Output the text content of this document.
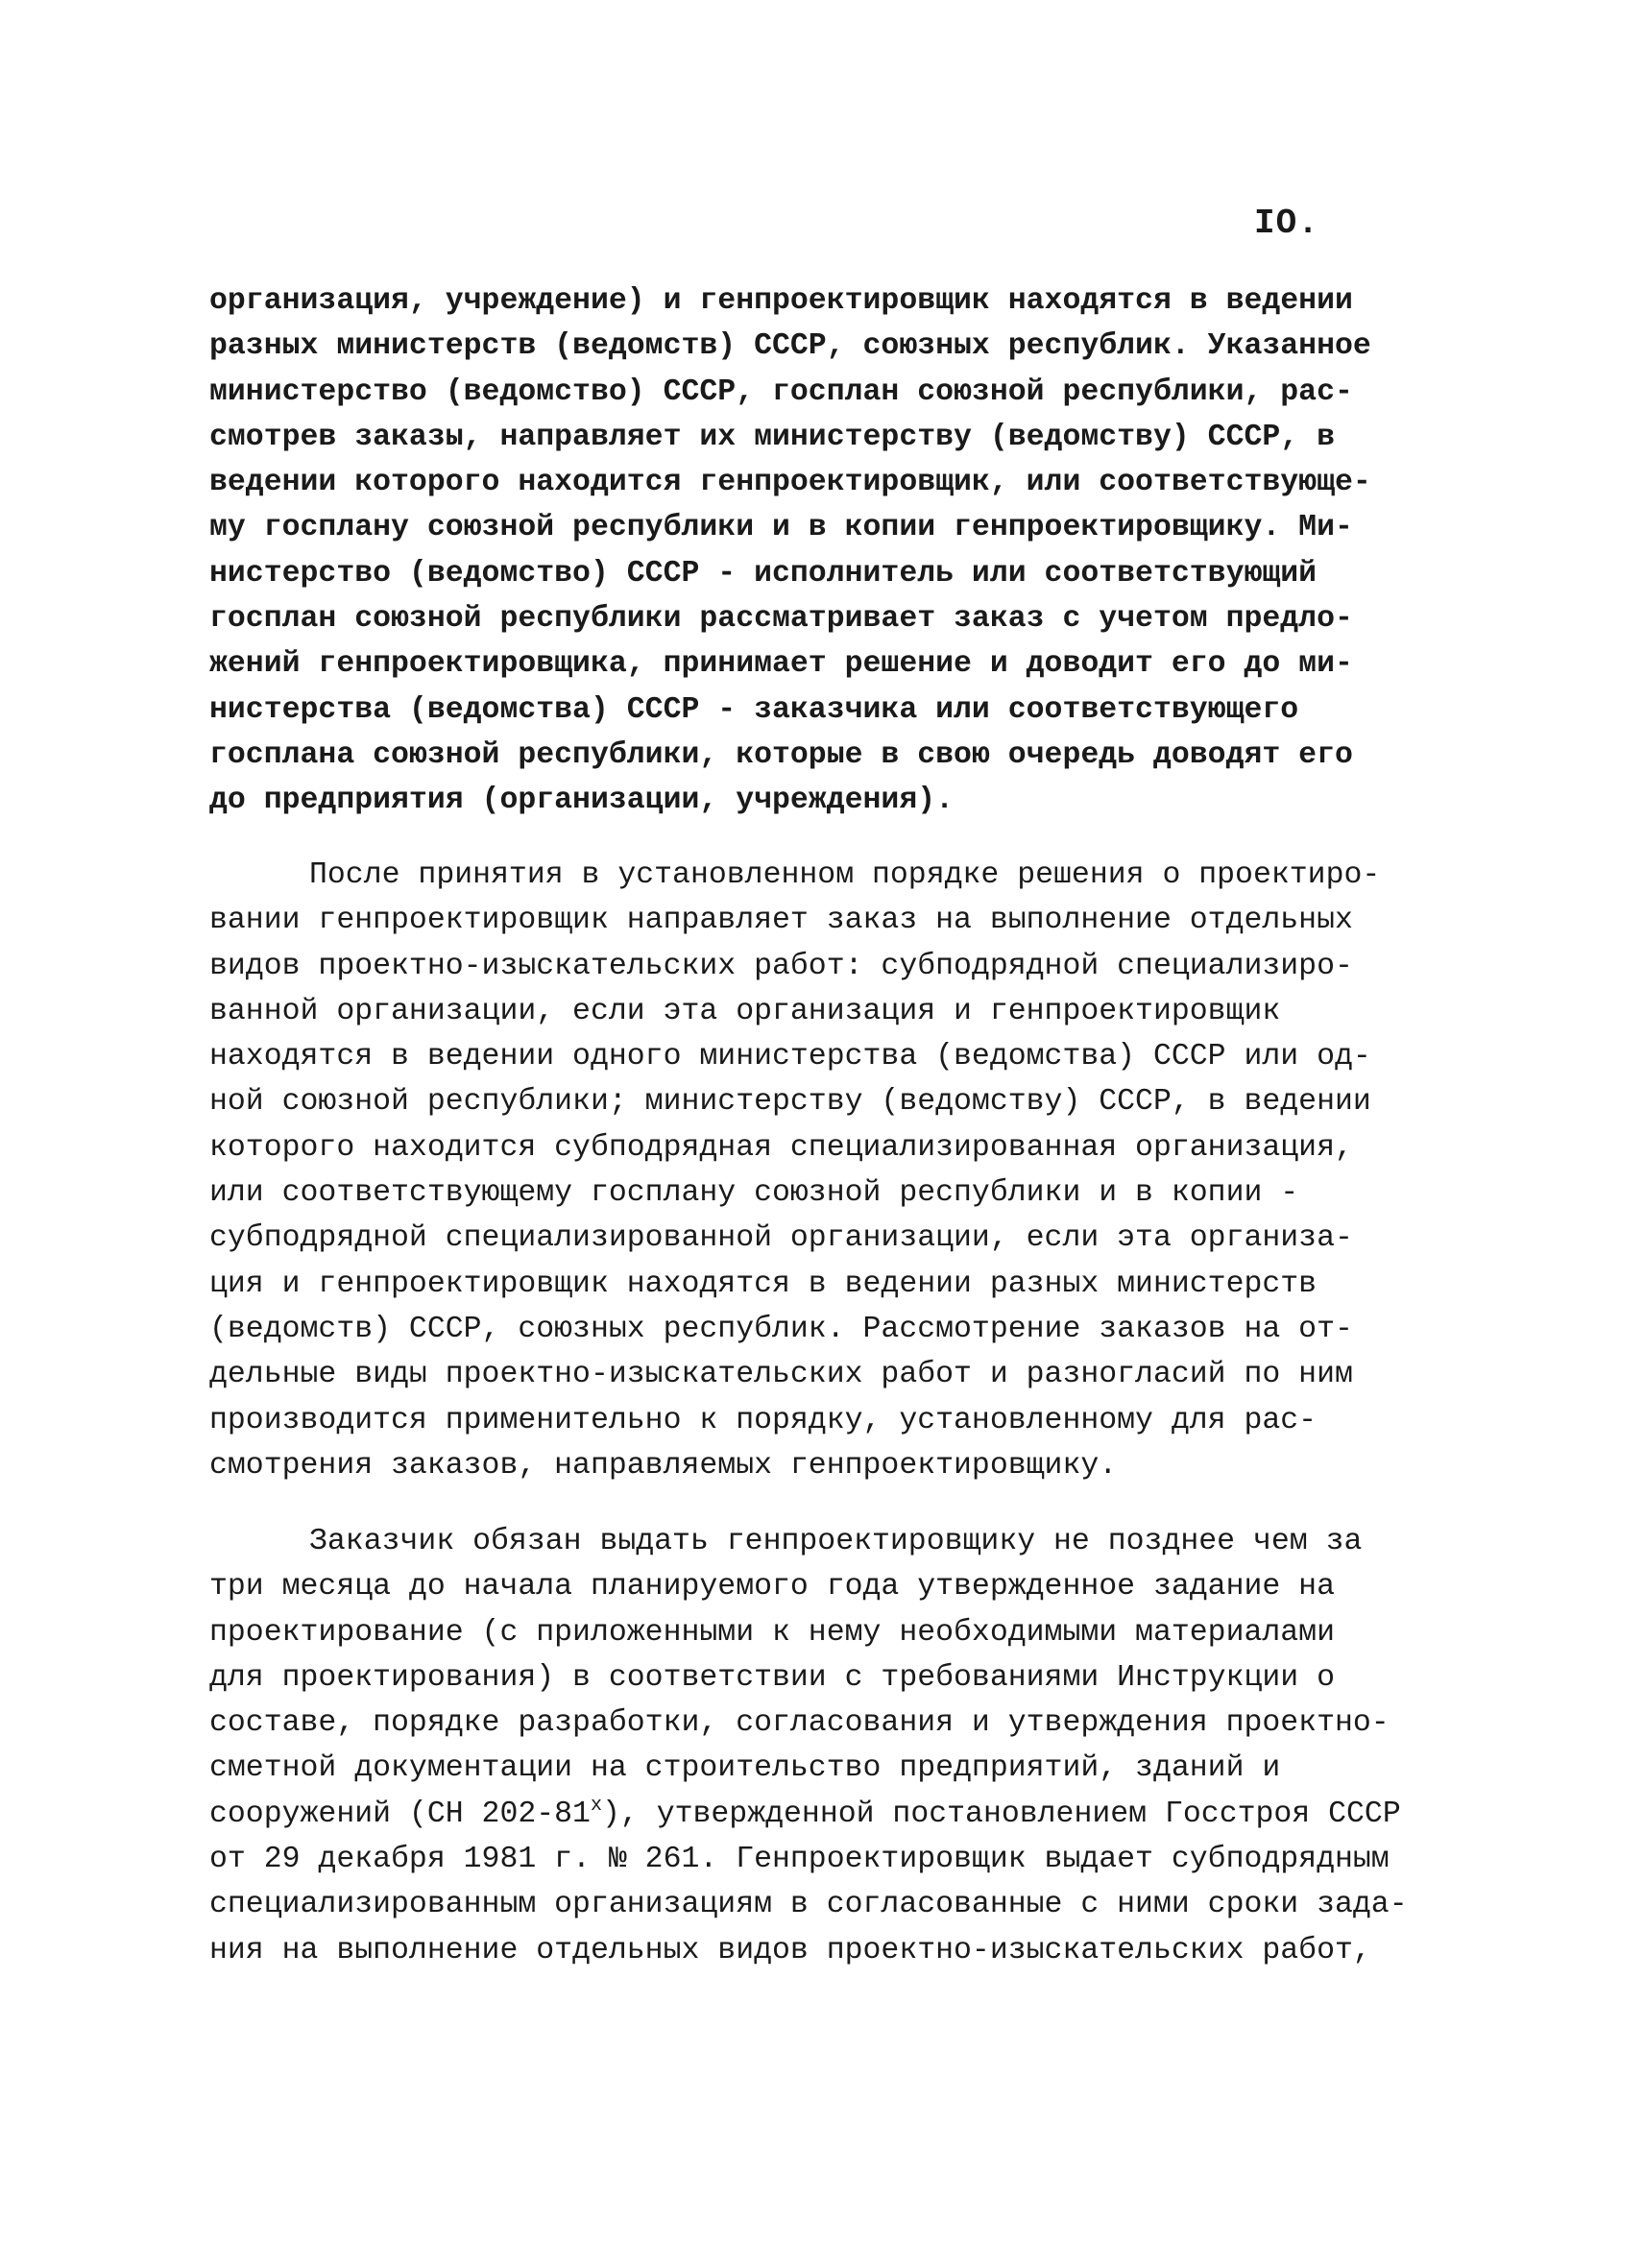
IO.
организация, учреждение) и генпроектировщик находятся в ведении
разных министерств (ведомств) СССР, союзных республик. Указанное
министерство (ведомство) СССР, госплан союзной республики, рас-
смотрев заказы, направляет их министерству (ведомству) СССР, в
ведении которого находится генпроектировщик, или соответствующе-
му госплану союзной республики и в копии генпроектировщику. Ми-
нистерство (ведомство) СССР - исполнитель или соответствующий
госплан союзной республики рассматривает заказ с учетом предло-
жений генпроектировщика, принимает решение и доводит его до ми-
нистерства (ведомства) СССР - заказчика или соответствующего
госплана союзной республики, которые в свою очередь доводят его
до предприятия (организации, учреждения).
После принятия в установленном порядке решения о проектиро-
вании генпроектировщик направляет заказ на выполнение отдельных
видов проектно-изыскательских работ: субподрядной специализиро-
ванной организации, если эта организация и генпроектировщик
находятся в ведении одного министерства (ведомства) СССР или од-
ной союзной республики; министерству (ведомству) СССР, в ведении
которого находится субподрядная специализированная организация,
или соответствующему госплану союзной республики и в копии -
субподрядной специализированной организации, если эта организа-
ция и генпроектировщик находятся в ведении разных министерств
(ведомств) СССР, союзных республик. Рассмотрение заказов на от-
дельные виды проектно-изыскательских работ и разногласий по ним
производится применительно к порядку, установленному для рас-
смотрения заказов, направляемых генпроектировщику.
Заказчик обязан выдать генпроектировщику не позднее чем за
три месяца до начала планируемого года утвержденное задание на
проектирование (с приложенными к нему необходимыми материалами
для проектирования) в соответствии с требованиями Инструкции о
составе, порядке разработки, согласования и утверждения проектно-
сметной документации на строительство предприятий, зданий и
сооружений (СН $202-81^х$), утвержденной постановлением Госстроя СССР
от 29 декабря 1981 г. № 261. Генпроектировщик выдает субподрядным
специализированным организациям в согласованные с ними сроки зада-
ния на выполнение отдельных видов проектно-изыскательских работ,
